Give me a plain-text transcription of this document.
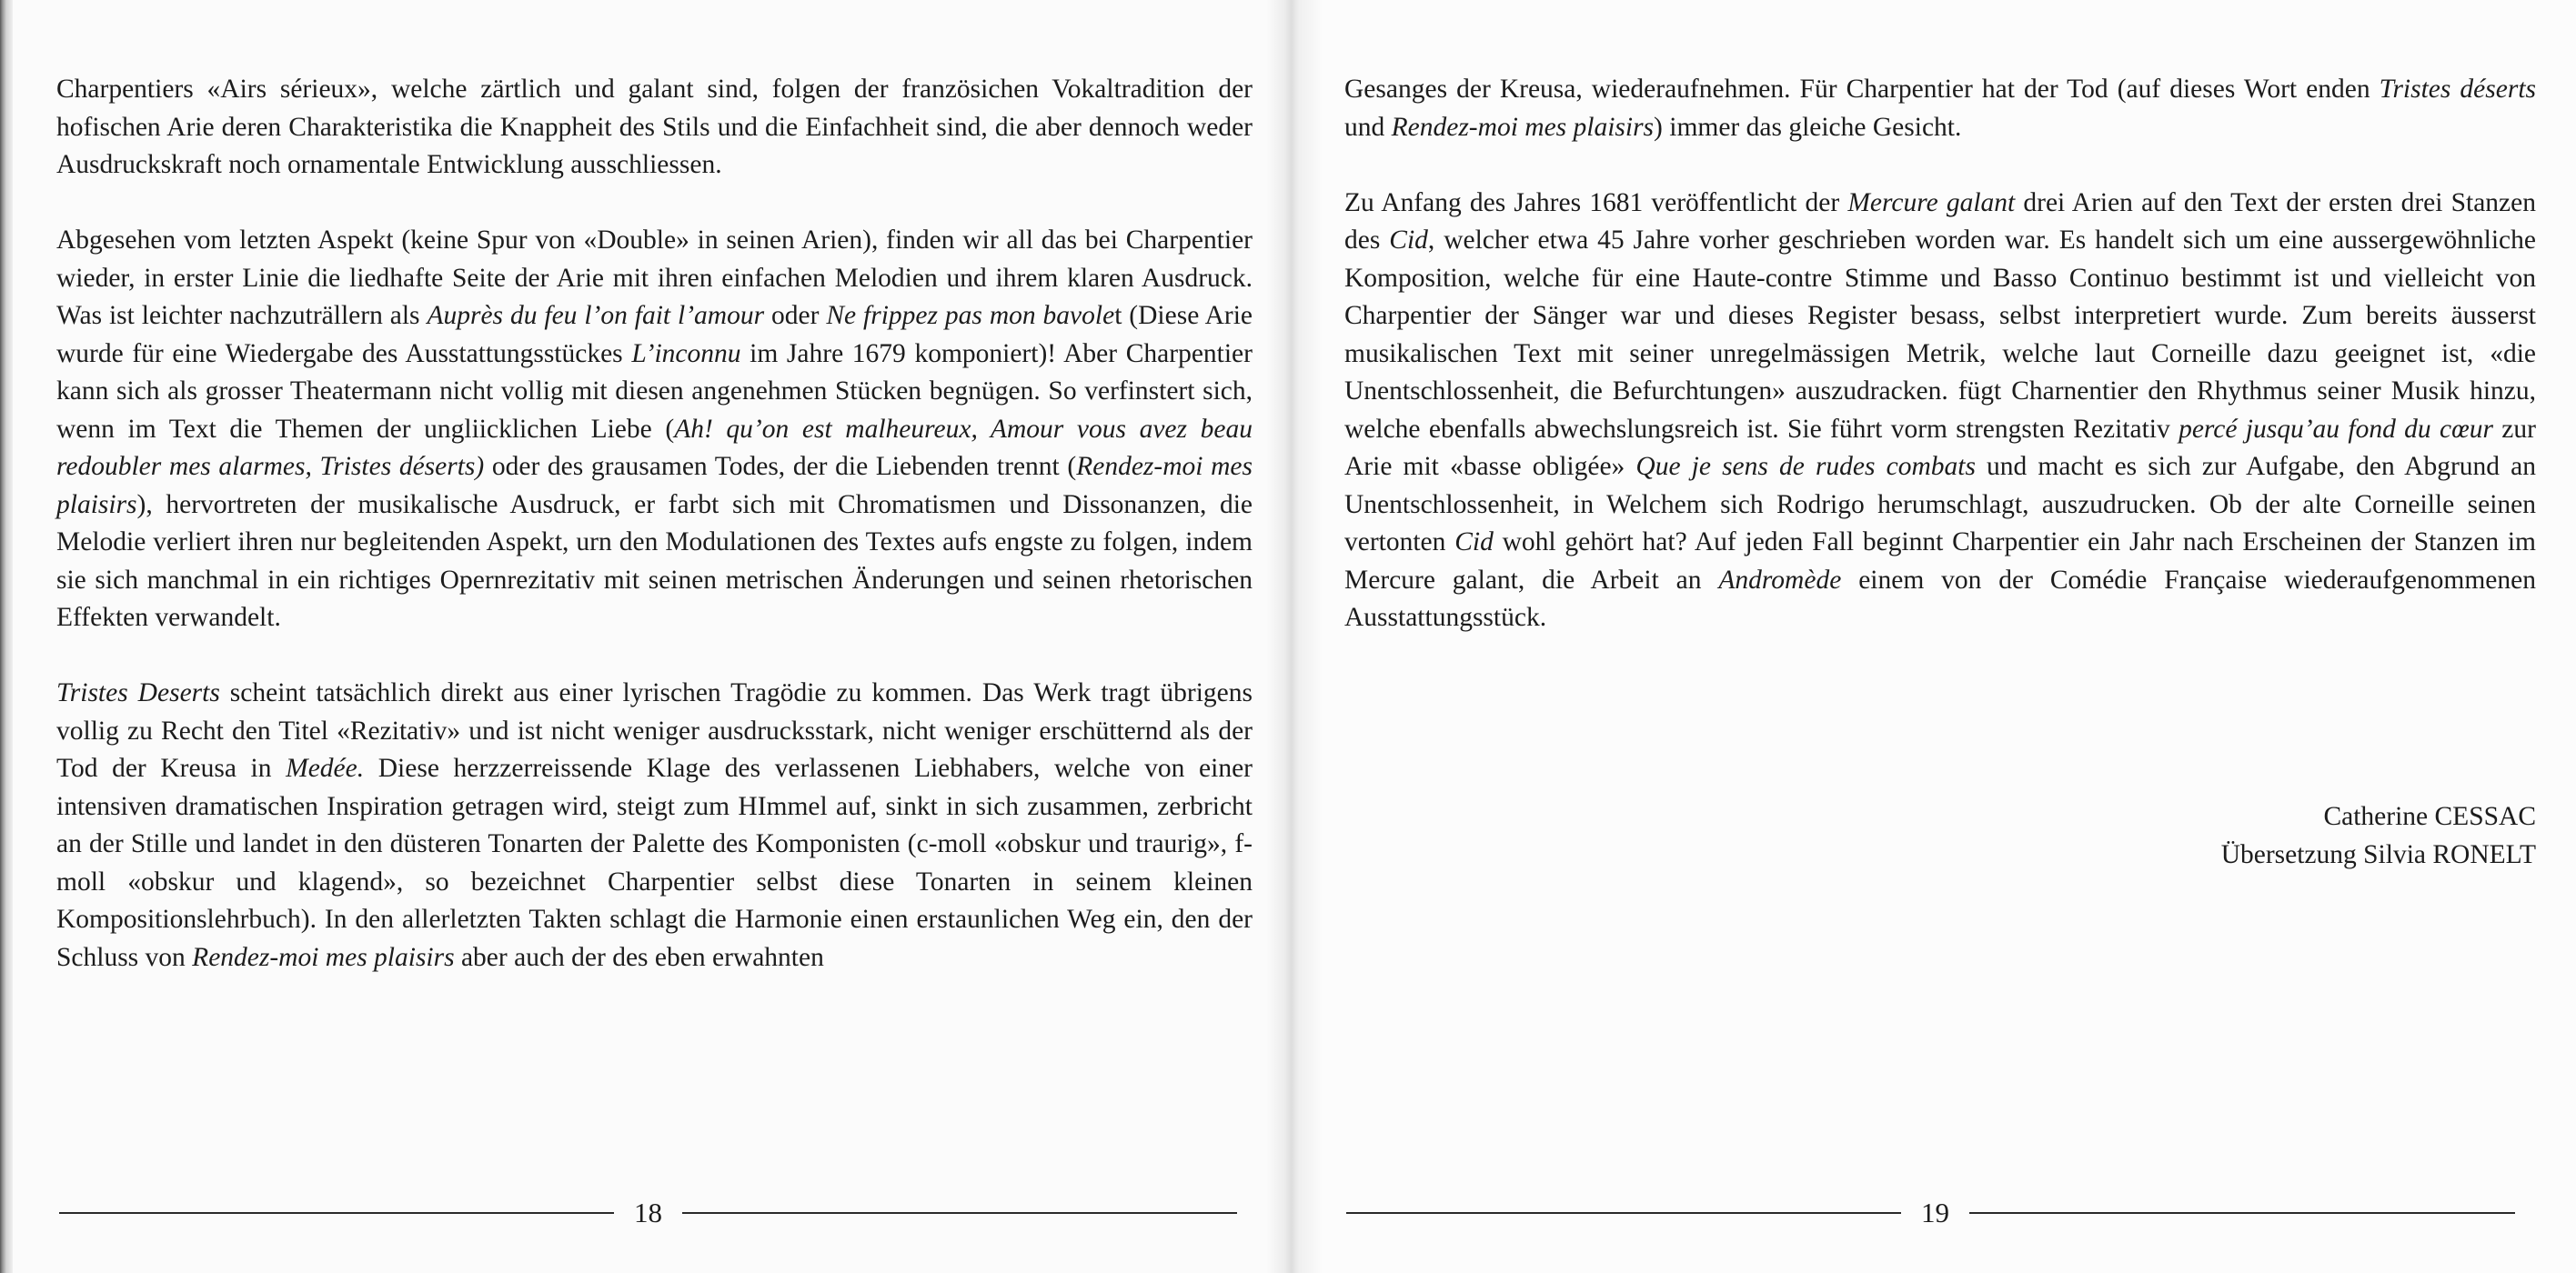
Charpentiers «Airs sérieux», welche zärtlich und galant sind, folgen der französichen Vokaltradition der hofischen Arie deren Charakteristika die Knappheit des Stils und die Einfachheit sind, die aber dennoch weder Ausdruckskraft noch ornamentale Entwicklung ausschliessen.

Abgesehen vom letzten Aspekt (keine Spur von «Double» in seinen Arien), finden wir all das bei Charpentier wieder, in erster Linie die liedhafte Seite der Arie mit ihren einfachen Melodien und ihrem klaren Ausdruck. Was ist leichter nachzuträllern als Auprès du feu l’on fait l’amour oder Ne frippez pas mon bavolet (Diese Arie wurde für eine Wiedergabe des Ausstattungsstückes L’inconnu im Jahre 1679 komponiert)! Aber Charpentier kann sich als grosser Theatermann nicht vollig mit diesen angenehmen Stücken begnügen. So verfinstert sich, wenn im Text die Themen der ungliicklichen Liebe (Ah! qu’on est malheureux, Amour vous avez beau redoubler mes alarmes, Tristes déserts) oder des grausamen Todes, der die Liebenden trennt (Rendez-moi mes plaisirs), hervortreten der musikalische Ausdruck, er farbt sich mit Chromatismen und Dissonanzen, die Melodie verliert ihren nur begleitenden Aspekt, urn den Modulationen des Textes aufs engste zu folgen, indem sie sich manchmal in ein richtiges Opernrezitativ mit seinen metrischen Änderungen und seinen rhetorischen Effekten verwandelt.

Tristes Deserts scheint tatsächlich direkt aus einer lyrischen Tragödie zu kommen. Das Werk tragt übrigens vollig zu Recht den Titel «Rezitativ» und ist nicht weniger ausdrucksstark, nicht weniger erschütternd als der Tod der Kreusa in Medée. Diese herzzerreissende Klage des verlassenen Liebhabers, welche von einer intensiven dramatischen Inspiration getragen wird, steigt zum HImmel auf, sinkt in sich zusammen, zerbricht an der Stille und landet in den düsteren Tonarten der Palette des Komponisten (c-moll «obskur und traurig», f-moll «obskur und klagend», so bezeichnet Charpentier selbst diese Tonarten in seinem kleinen Kompositionslehrbuch). In den allerletzten Takten schlagt die Harmonie einen erstaunlichen Weg ein, den der Schluss von Rendez-moi mes plaisirs aber auch der des eben erwahnten

18

Gesanges der Kreusa, wiederaufnehmen. Für Charpentier hat der Tod (auf dieses Wort enden Tristes déserts und Rendez-moi mes plaisirs) immer das gleiche Gesicht.

Zu Anfang des Jahres 1681 veröffentlicht der Mercure galant drei Arien auf den Text der ersten drei Stanzen des Cid, welcher etwa 45 Jahre vorher geschrieben worden war. Es handelt sich um eine aussergewöhnliche Komposition, welche für eine Haute-contre Stimme und Basso Continuo bestimmt ist und vielleicht von Charpentier der Sänger war und dieses Register besass, selbst interpretiert wurde. Zum bereits äusserst musikalischen Text mit seiner unregelmässigen Metrik, welche laut Corneille dazu geeignet ist, «die Unentschlossenheit, die Befurchtungen» auszudracken. fügt Charnentier den Rhythmus seiner Musik hinzu, welche ebenfalls abwechslungsreich ist. Sie führt vorm strengsten Rezitativ percé jusqu’au fond du cœur zur Arie mit «basse obligée» Que je sens de rudes combats und macht es sich zur Aufgabe, den Abgrund an Unentschlossenheit, in Welchem sich Rodrigo herumschlagt, auszudrucken. Ob der alte Corneille seinen vertonten Cid wohl gehört hat? Auf jeden Fall beginnt Charpentier ein Jahr nach Erscheinen der Stanzen im Mercure galant, die Arbeit an Andromède einem von der Comédie Française wiederaufgenommenen Ausstattungsstück.

Catherine CESSAC
Übersetzung Silvia RONELT
19
